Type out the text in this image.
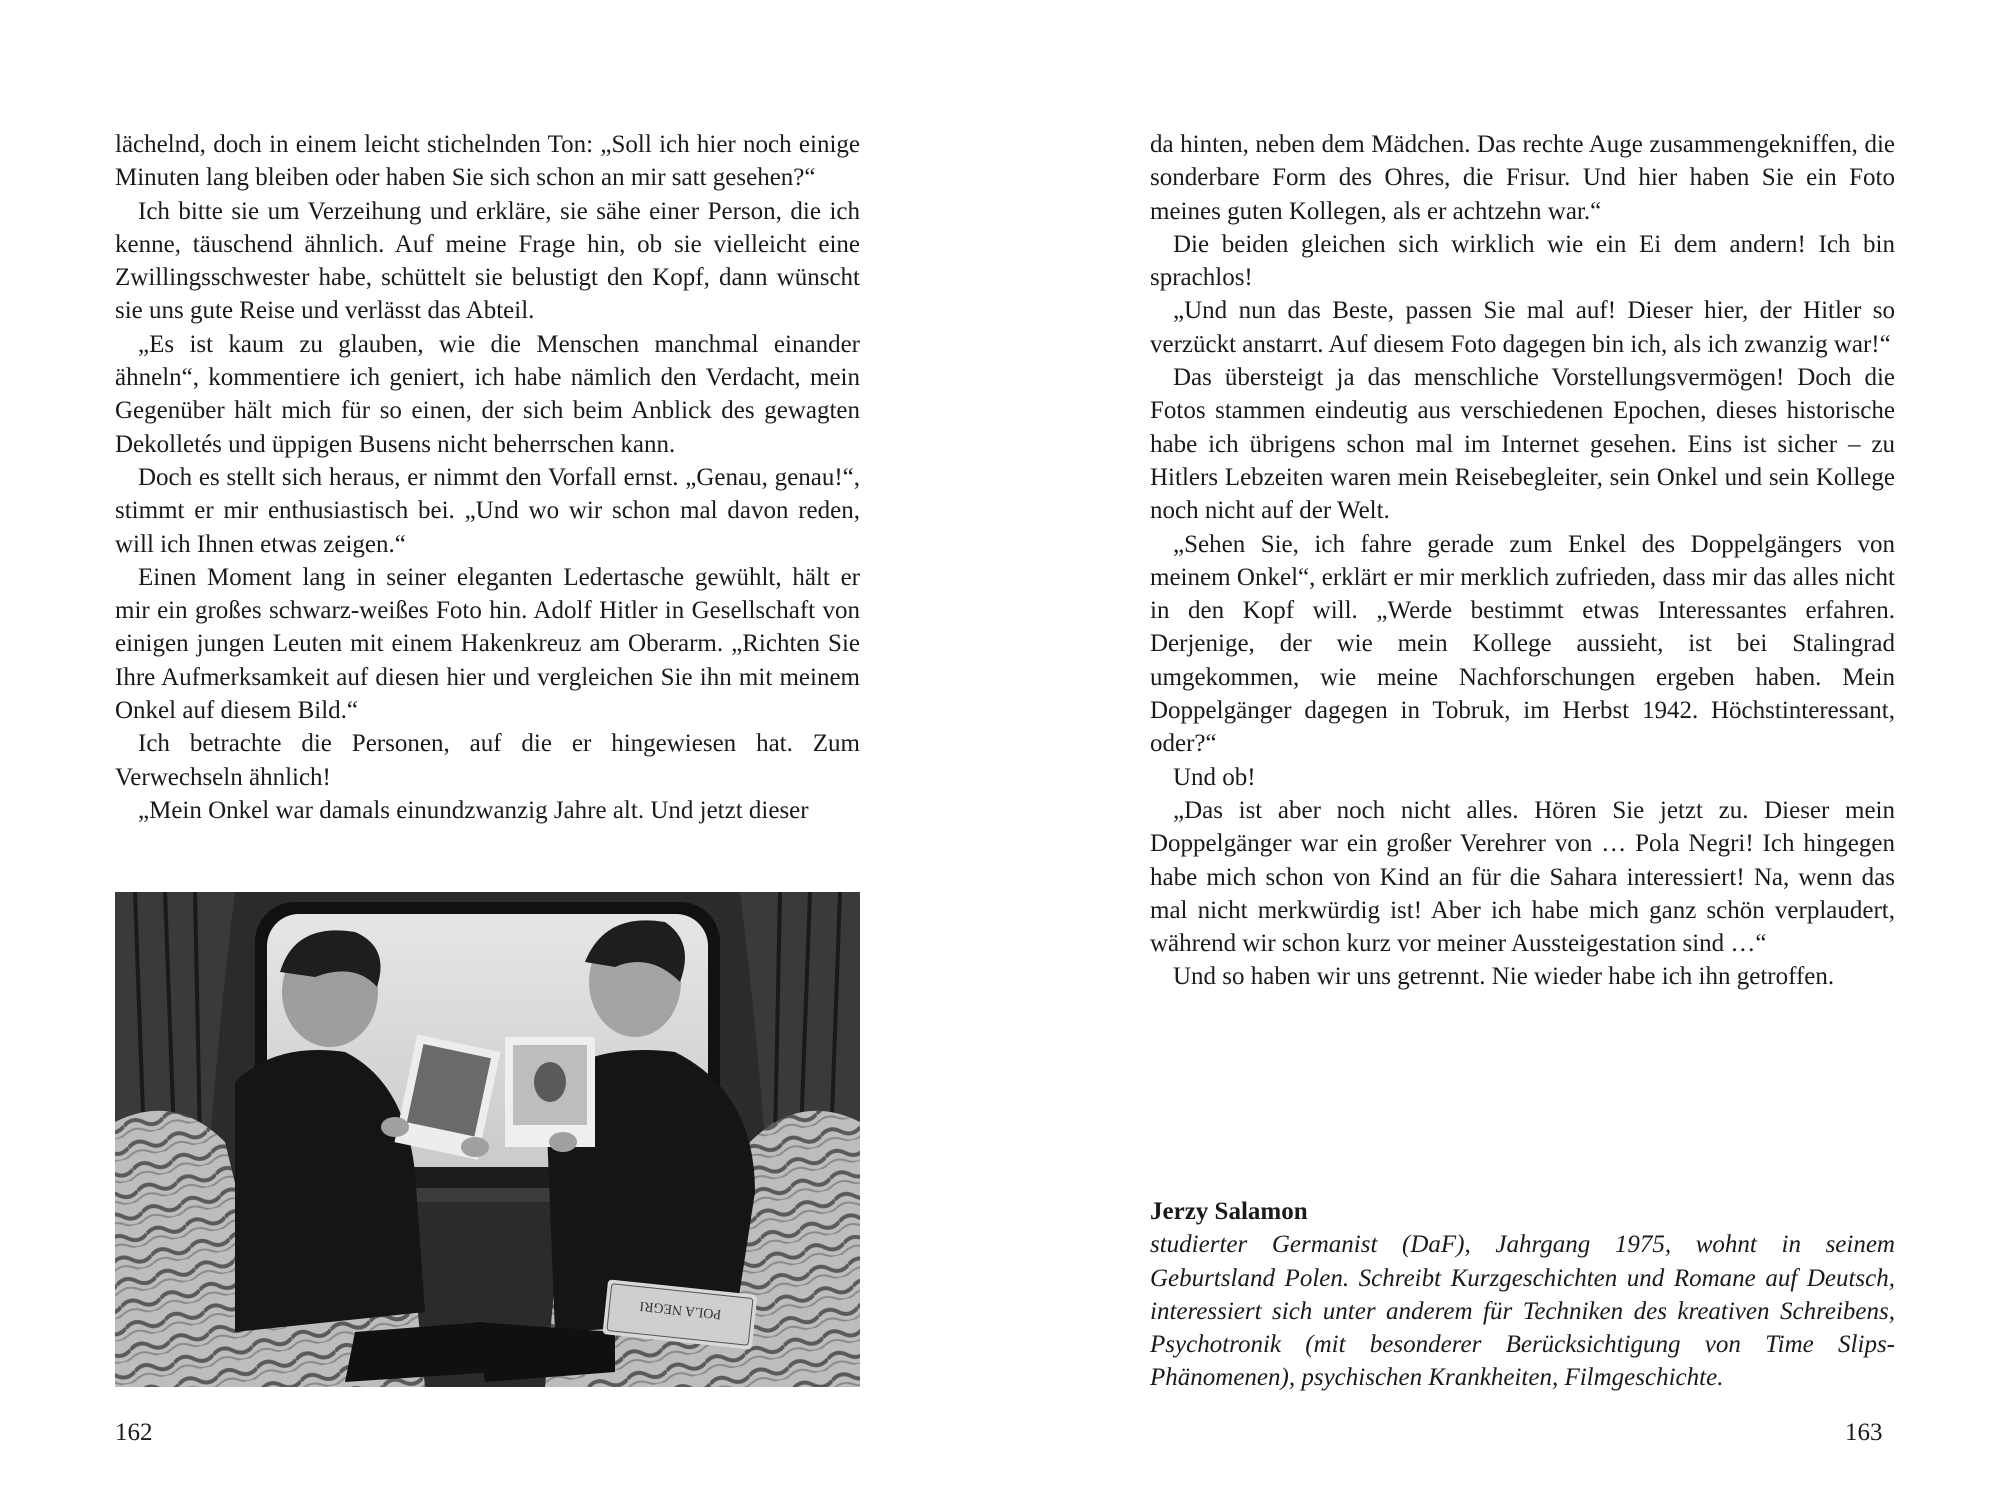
lächelnd, doch in einem leicht stichelnden Ton: „Soll ich hier noch einige Minuten lang bleiben oder haben Sie sich schon an mir satt gesehen?“

Ich bitte sie um Verzeihung und erkläre, sie sähe einer Person, die ich kenne, täuschend ähnlich. Auf meine Frage hin, ob sie vielleicht eine Zwillingsschwester habe, schüttelt sie belustigt den Kopf, dann wünscht sie uns gute Reise und verlässt das Abteil.

„Es ist kaum zu glauben, wie die Menschen manchmal einander ähneln“, kommentiere ich geniert, ich habe nämlich den Verdacht, mein Gegenüber hält mich für so einen, der sich beim Anblick des gewagten Dekolletés und üppigen Busens nicht beherrschen kann.

Doch es stellt sich heraus, er nimmt den Vorfall ernst. „Genau, genau!“, stimmt er mir enthusiastisch bei. „Und wo wir schon mal davon reden, will ich Ihnen etwas zeigen.“

Einen Moment lang in seiner eleganten Ledertasche gewühlt, hält er mir ein großes schwarz-weißes Foto hin. Adolf Hitler in Gesellschaft von einigen jungen Leuten mit einem Hakenkreuz am Oberarm. „Richten Sie Ihre Aufmerksamkeit auf diesen hier und vergleichen Sie ihn mit meinem Onkel auf diesem Bild.“

Ich betrachte die Personen, auf die er hingewiesen hat. Zum Verwechseln ähnlich!

„Mein Onkel war damals einundzwanzig Jahre alt. Und jetzt dieser

POLA NEGRI
162

da hinten, neben dem Mädchen. Das rechte Auge zusammengekniffen, die sonderbare Form des Ohres, die Frisur. Und hier haben Sie ein Foto meines guten Kollegen, als er achtzehn war.“

Die beiden gleichen sich wirklich wie ein Ei dem andern! Ich bin sprachlos!

„Und nun das Beste, passen Sie mal auf! Dieser hier, der Hitler so verzückt anstarrt. Auf diesem Foto dagegen bin ich, als ich zwanzig war!“

Das übersteigt ja das menschliche Vorstellungsvermögen! Doch die Fotos stammen eindeutig aus verschiedenen Epochen, dieses historische habe ich übrigens schon mal im Internet gesehen. Eins ist sicher – zu Hitlers Lebzeiten waren mein Reisebegleiter, sein Onkel und sein Kollege noch nicht auf der Welt.

„Sehen Sie, ich fahre gerade zum Enkel des Doppelgängers von meinem Onkel“, erklärt er mir merklich zufrieden, dass mir das alles nicht in den Kopf will. „Werde bestimmt etwas Interessantes erfahren. Derjenige, der wie mein Kollege aussieht, ist bei Stalingrad umgekommen, wie meine Nachforschungen ergeben haben. Mein Doppelgänger dagegen in Tobruk, im Herbst 1942. Höchstinteressant, oder?“

Und ob!

„Das ist aber noch nicht alles. Hören Sie jetzt zu. Dieser mein Doppelgänger war ein großer Verehrer von … Pola Negri! Ich hingegen habe mich schon von Kind an für die Sahara interessiert! Na, wenn das mal nicht merkwürdig ist! Aber ich habe mich ganz schön verplaudert, während wir schon kurz vor meiner Aussteigestation sind …“

Und so haben wir uns getrennt. Nie wieder habe ich ihn getroffen.

Jerzy Salamon

studierter Germanist (DaF), Jahrgang 1975, wohnt in seinem Geburtsland Polen. Schreibt Kurzgeschichten und Romane auf Deutsch, interessiert sich unter anderem für Techniken des kreativen Schreibens, Psychotronik (mit besonderer Berücksichtigung von Time Slips-Phänomenen), psychischen Krankheiten, Filmgeschichte.

163
